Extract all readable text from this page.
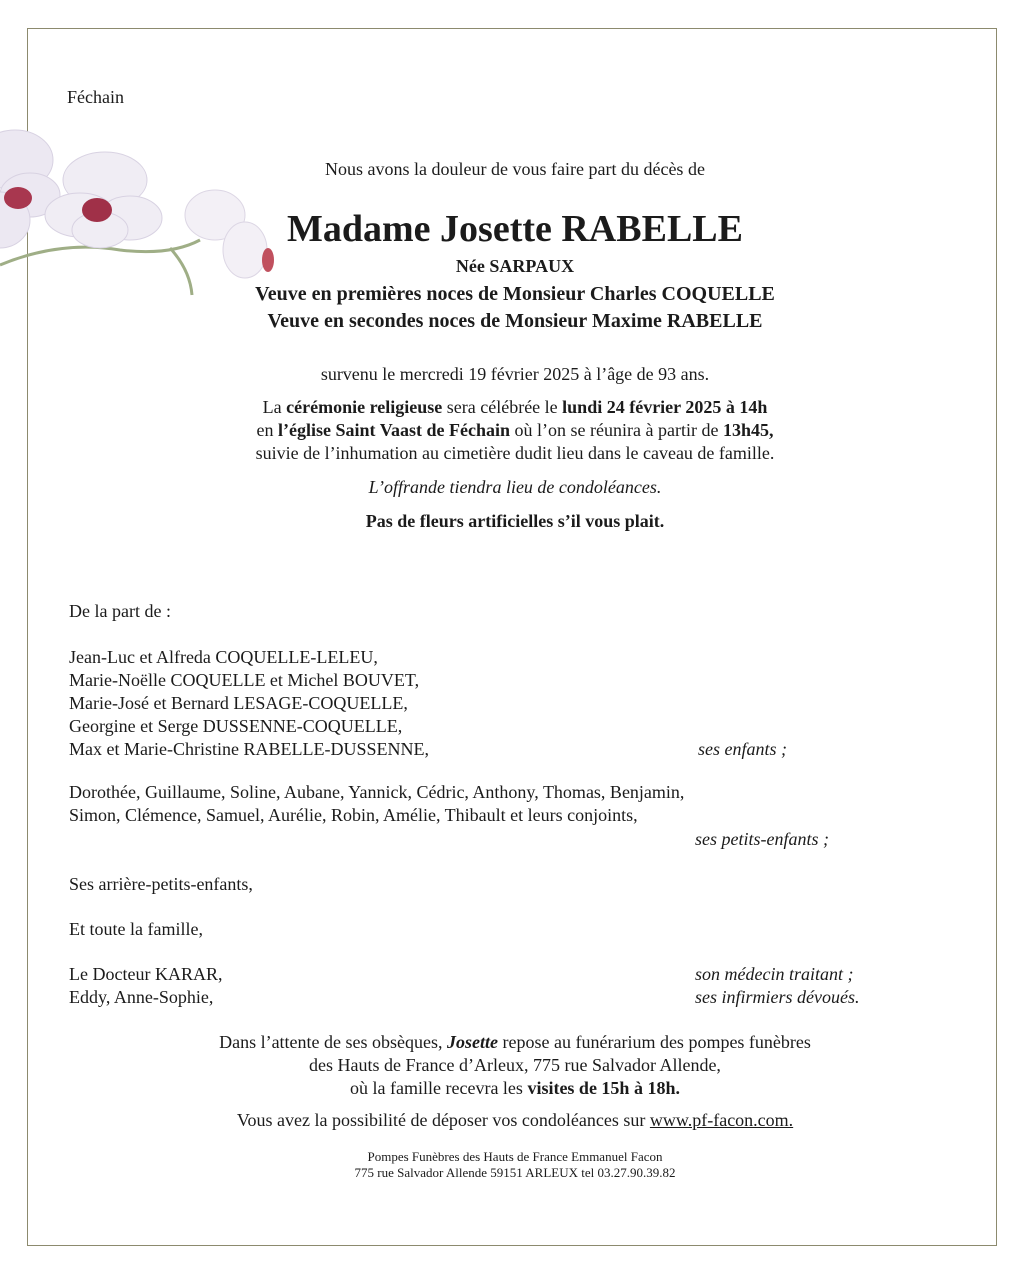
Féchain
Nous avons la douleur de vous faire part du décès de
Madame Josette RABELLE
Née SARPAUX
Veuve en premières noces de Monsieur Charles COQUELLE
Veuve en secondes noces de Monsieur Maxime RABELLE
survenu le mercredi 19 février 2025 à l’âge de 93 ans.
La cérémonie religieuse sera célébrée le lundi 24 février 2025 à 14h
en l’église Saint Vaast de Féchain où l’on se réunira à partir de 13h45,
suivie de l’inhumation au cimetière dudit lieu dans le caveau de famille.
L’offrande tiendra lieu de condoléances.
Pas de fleurs artificielles s’il vous plait.
De la part de :
Jean-Luc et Alfreda COQUELLE-LELEU,
Marie-Noëlle COQUELLE et Michel BOUVET,
Marie-José et Bernard LESAGE-COQUELLE,
Georgine et Serge DUSSENNE-COQUELLE,
Max et Marie-Christine RABELLE-DUSSENNE,	ses enfants ;
Dorothée, Guillaume, Soline, Aubane, Yannick, Cédric, Anthony, Thomas, Benjamin,
Simon, Clémence, Samuel, Aurélie, Robin, Amélie, Thibault et leurs conjoints,
ses petits-enfants ;
Ses arrière-petits-enfants,
Et toute la famille,
Le Docteur KARAR,	son médecin traitant ;
Eddy, Anne-Sophie,	ses infirmiers dévoués.
Dans l’attente de ses obsèques, Josette repose au funérarium des pompes funèbres
des Hauts de France d’Arleux, 775 rue Salvador Allende,
où la famille recevra les visites de 15h à 18h.
Vous avez la possibilité de déposer vos condoléances sur www.pf-facon.com.
Pompes Funèbres des Hauts de France Emmanuel Facon
775 rue Salvador Allende 59151 ARLEUX tel 03.27.90.39.82
